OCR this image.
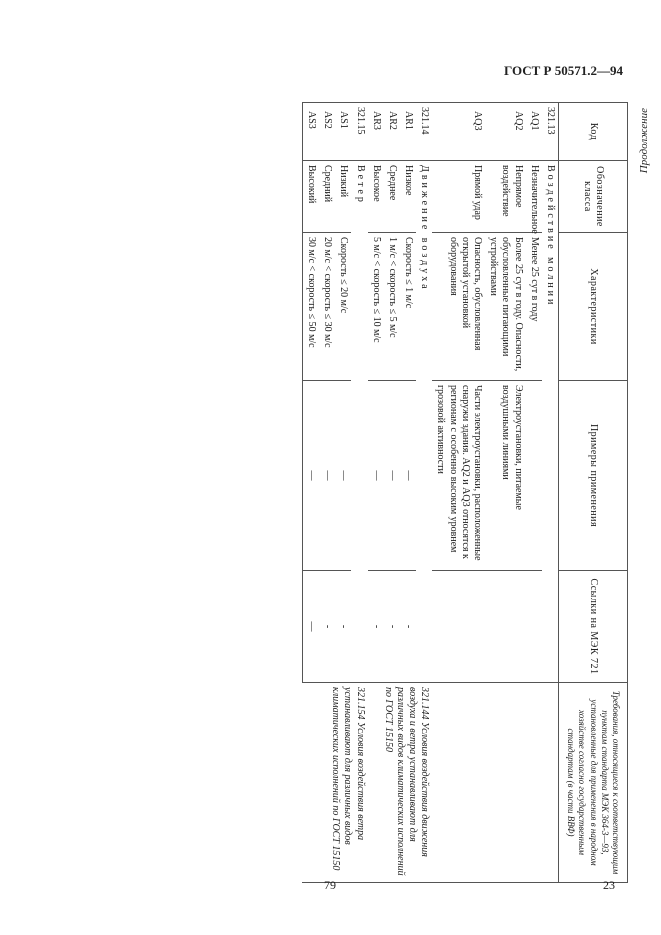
ГОСТ Р 50571.2—94
Продолжение
Код	Обозначение класса	Характеристики	Примеры применения	Ссылки на МЭК 721	Требования, относящиеся к соответствующим пунктам стандарта МЭК 364-3—93, установленные для применения в народном хозяйстве согласно государственным стандартам (в части ВВФ)
321.13	Воздействие молнии				
AQ1	Незначительное	Менее 25 сут в году			
AQ2	Непрямое воздействие	Более 25 сут в году. Опасности, обусловленные питающими устройствами	Электроустановки, питаемые воздушными линиями		
AQ3	Прямой удар	Опасность, обусловленная открытой установкой оборудования	Части электроустановки, расположенные снаружи здания. AQ2 и AQ3 относятся к регионам с особенно высоким уровнем грозовой активности		
321.14	Движение воздуха				321.144 Условия воздействия движения воздуха и ветра устанавливают для различных видов климатических исполнений по ГОСТ 15150
AR1	Низкое	Скорость ≤ 1 м/с	—	-	
AR2	Среднее	1 м/с < скорость ≤ 5 м/с	—	-	
AR3	Высокое	5 м/с < скорость ≤ 10 м/с	—	-	
321.15	Ветер				321.154 Условия воздействия ветра устанавливают для различных видов климатических исполнений по ГОСТ 15150
AS1	Низкий	Скорость ≤ 20 м/с	—	-	
AS2	Средний	20 м/с < скорость ≤ 30 м/с	—	-	
AS3	Высокий	30 м/с < скорость ≤ 50 м/с	—	—	
79	23
